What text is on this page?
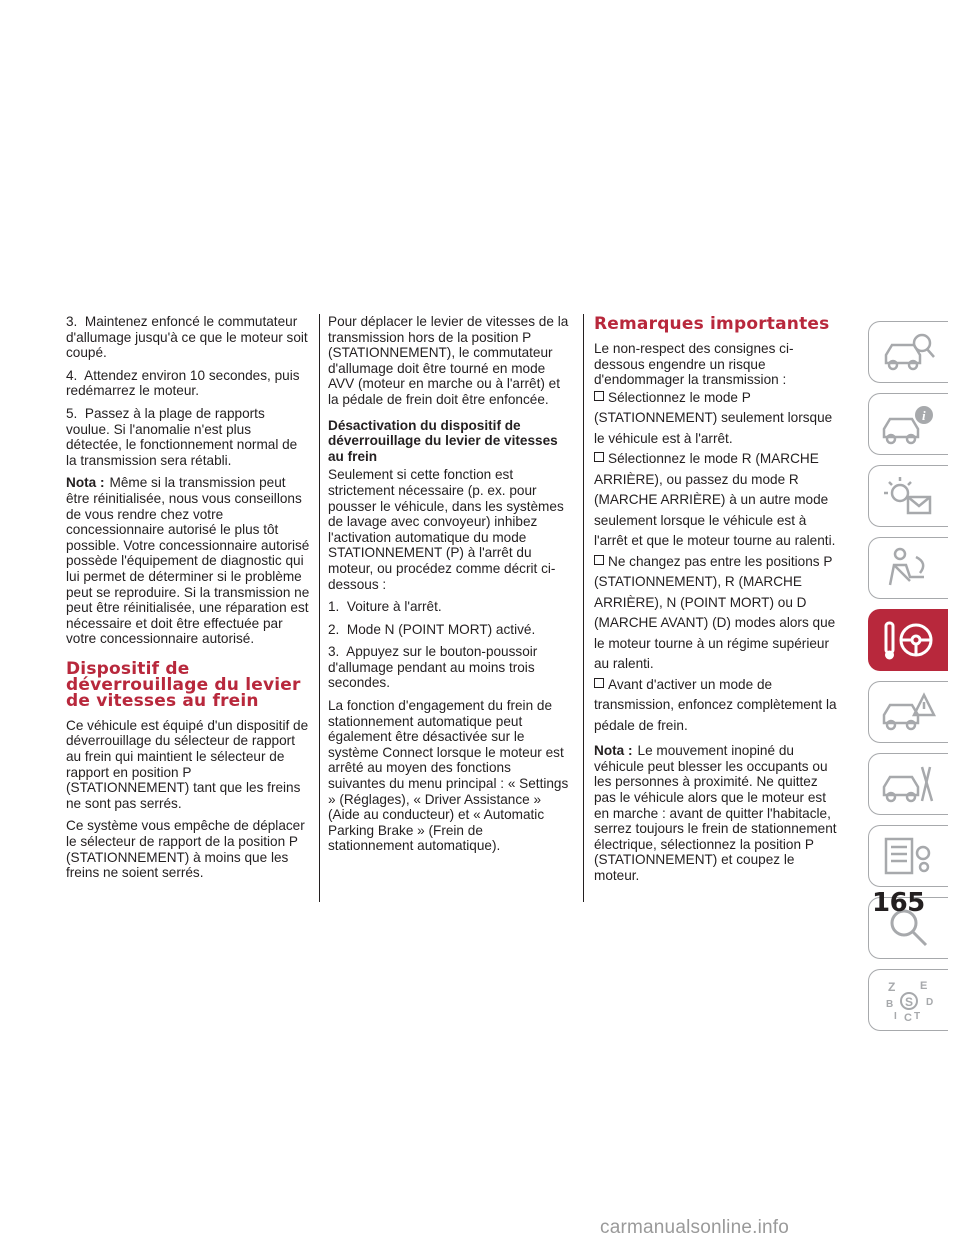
3.  Maintenez enfoncé le commutateur d'allumage jusqu'à ce que le moteur soit coupé.

4.  Attendez environ 10 secondes, puis redémarrez le moteur.

5.  Passez à la plage de rapports voulue. Si l'anomalie n'est plus détectée, le fonctionnement normal de la transmission sera rétabli.

Nota : Même si la transmission peut être réinitialisée, nous vous conseillons de vous rendre chez votre concessionnaire autorisé le plus tôt possible. Votre concessionnaire autorisé possède l'équipement de diagnostic qui lui permet de déterminer si le problème peut se reproduire. Si la transmission ne peut être réinitialisée, une réparation est nécessaire et doit être effectuée par votre concessionnaire autorisé.

Dispositif de déverrouillage du levier de vitesses au frein

Ce véhicule est équipé d'un dispositif de déverrouillage du sélecteur de rapport au frein qui maintient le sélecteur de rapport en position P (STATIONNEMENT) tant que les freins ne sont pas serrés.

Ce système vous empêche de déplacer le sélecteur de rapport de la position P (STATIONNEMENT) à moins que les freins ne soient serrés.

Pour déplacer le levier de vitesses de la transmission hors de la position P (STATIONNEMENT), le commutateur d'allumage doit être tourné en mode AVV (moteur en marche ou à l'arrêt) et la pédale de frein doit être enfoncée.

Désactivation du dispositif de déverrouillage du levier de vitesses au frein

Seulement si cette fonction est strictement nécessaire (p. ex. pour pousser le véhicule, dans les systèmes de lavage avec convoyeur) inhibez l'activation automatique du mode STATIONNEMENT (P) à l'arrêt du moteur, ou procédez comme décrit ci-dessous :

1.  Voiture à l'arrêt.

2.  Mode N (POINT MORT) activé.

3.  Appuyez sur le bouton-poussoir d'allumage pendant au moins trois secondes.

La fonction d'engagement du frein de stationnement automatique peut également être désactivée sur le système Connect lorsque le moteur est arrêté au moyen des fonctions suivantes du menu principal : « Settings » (Réglages), « Driver Assistance » (Aide au conducteur) et « Automatic Parking Brake » (Frein de stationnement automatique).

Remarques importantes

Le non-respect des consignes ci-dessous engendre un risque d'endommager la transmission :

Sélectionnez le mode P (STATIONNEMENT) seulement lorsque le véhicule est à l'arrêt.
Sélectionnez le mode R (MARCHE ARRIÈRE), ou passez du mode R (MARCHE ARRIÈRE) à un autre mode seulement lorsque le véhicule est à l'arrêt et que le moteur tourne au ralenti.
Ne changez pas entre les positions P (STATIONNEMENT), R (MARCHE ARRIÈRE), N (POINT MORT) ou D (MARCHE AVANT) (D) modes alors que le moteur tourne à un régime supérieur au ralenti.
Avant d'activer un mode de transmission, enfoncez complètement la pédale de frein.

Nota : Le mouvement inopiné du véhicule peut blesser les occupants ou les personnes à proximité. Ne quittez pas le véhicule alors que le moteur est en marche : avant de quitter l'habitacle, serrez toujours le frein de stationnement électrique, sélectionnez la position P (STATIONNEMENT) et coupez le moteur.

i
Z E
B	D
I C T
S
165
carmanualsonline.info
